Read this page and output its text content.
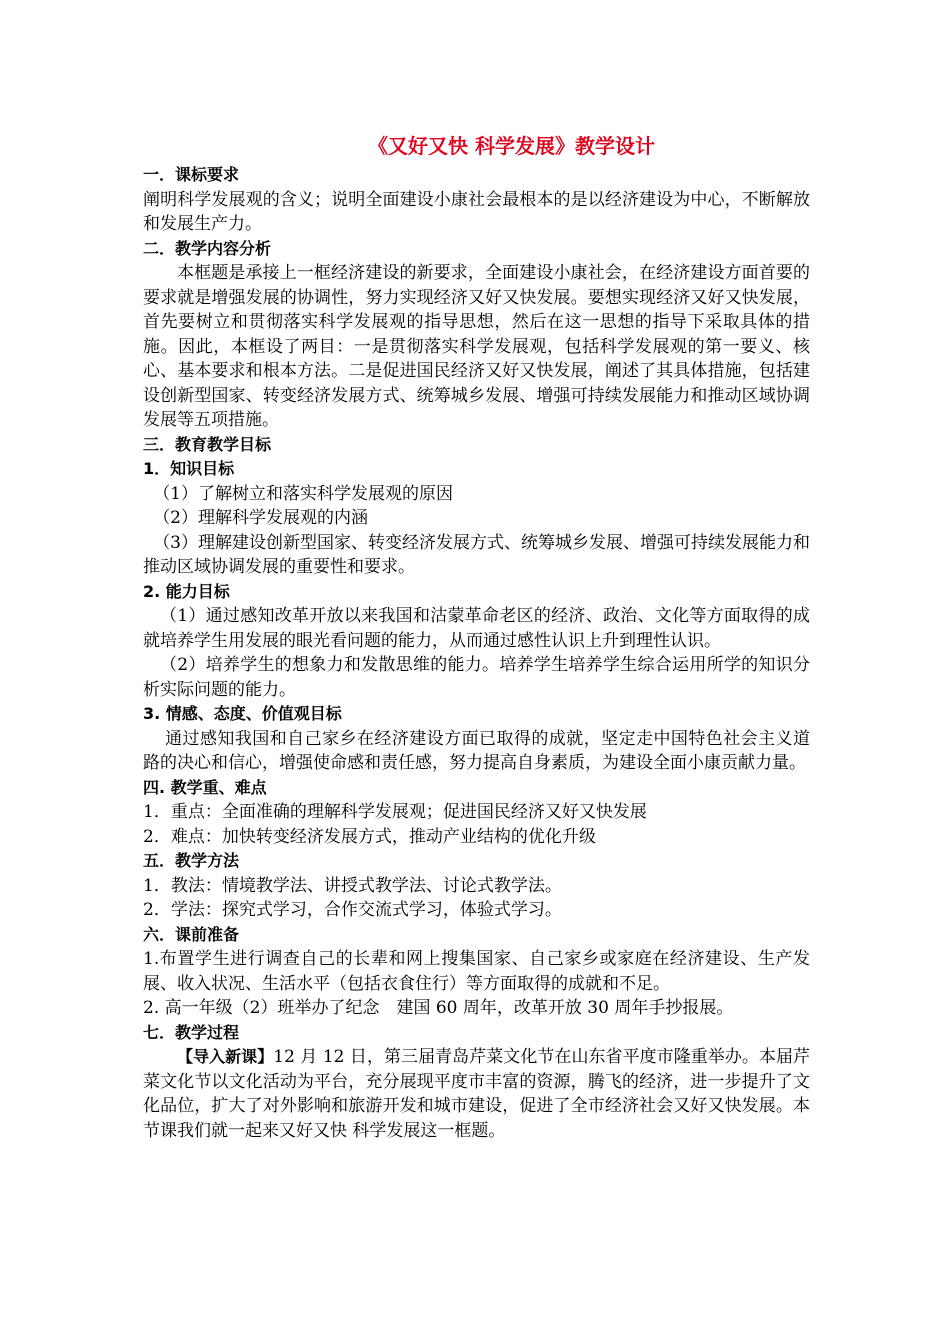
《又好又快 科学发展》教学设计
一．课标要求

阐明科学发展观的含义；说明全面建设小康社会最根本的是以经济建设为中心，不断解放和发展生产力。

二．教学内容分析

本框题是承接上一框经济建设的新要求，全面建设小康社会，在经济建设方面首要的要求就是增强发展的协调性，努力实现经济又好又快发展。要想实现经济又好又快发展，首先要树立和贯彻落实科学发展观的指导思想，然后在这一思想的指导下采取具体的措施。因此，本框设了两目：一是贯彻落实科学发展观，包括科学发展观的第一要义、核心、基本要求和根本方法。二是促进国民经济又好又快发展，阐述了其具体措施，包括建设创新型国家、转变经济发展方式、统筹城乡发展、增强可持续发展能力和推动区域协调发展等五项措施。

三．教育教学目标
1．知识目标

（1）了解树立和落实科学发展观的原因

（2）理解科学发展观的内涵

（3）理解建设创新型国家、转变经济发展方式、统筹城乡发展、增强可持续发展能力和推动区域协调发展的重要性和要求。

2. 能力目标

（1）通过感知改革开放以来我国和沽蒙革命老区的经济、政治、文化等方面取得的成就培养学生用发展的眼光看问题的能力，从而通过感性认识上升到理性认识。

（2）培养学生的想象力和发散思维的能力。培养学生培养学生综合运用所学的知识分析实际问题的能力。

3. 情感、态度、价值观目标

通过感知我国和自己家乡在经济建设方面已取得的成就，坚定走中国特色社会主义道路的决心和信心，增强使命感和责任感，努力提高自身素质，为建设全面小康贡献力量。

四. 教学重、难点

1．重点：全面准确的理解科学发展观；促进国民经济又好又快发展

2．难点：加快转变经济发展方式，推动产业结构的优化升级

五．教学方法

1．教法：情境教学法、讲授式教学法、讨论式教学法。

2．学法：探究式学习，合作交流式学习，体验式学习。

六．课前准备

1.布置学生进行调查自己的长辈和网上搜集国家、自己家乡或家庭在经济建设、生产发展、收入状况、生活水平（包括衣食住行）等方面取得的成就和不足。

2. 高一年级（2）班举办了纪念　建国 60 周年，改革开放 30 周年手抄报展。

七．教学过程

【导入新课】12 月 12 日，第三届青岛芹菜文化节在山东省平度市隆重举办。本届芹菜文化节以文化活动为平台，充分展现平度市丰富的资源，腾飞的经济，进一步提升了文化品位，扩大了对外影响和旅游开发和城市建设，促进了全市经济社会又好又快发展。本节课我们就一起来又好又快 科学发展这一框题。
